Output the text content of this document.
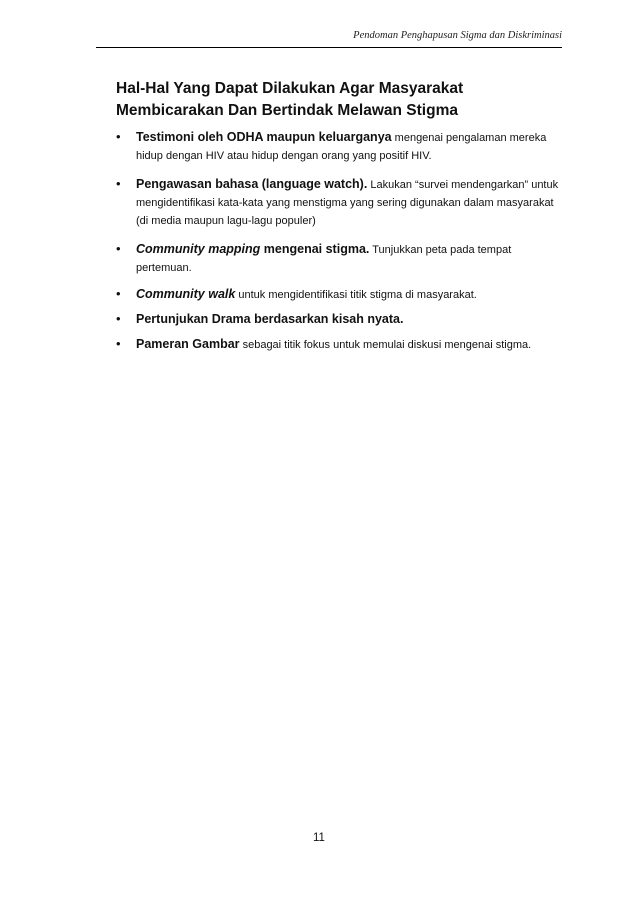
Pendoman Penghapusan Sigma dan Diskriminasi
Hal-Hal Yang Dapat Dilakukan Agar Masyarakat
Membicarakan Dan Bertindak Melawan Stigma
• Testimoni oleh ODHA maupun keluarganya mengenai pengalaman mereka hidup dengan HIV atau hidup dengan orang yang positif HIV.
• Pengawasan bahasa (language watch). Lakukan “survei mendengarkan” untuk mengidentifikasi kata-kata yang menstigma yang sering digunakan dalam masyarakat (di media maupun lagu-lagu populer)
• Community mapping mengenai stigma. Tunjukkan peta pada tempat pertemuan.
• Community walk untuk mengidentifikasi titik stigma di masyarakat.
• Pertunjukan Drama berdasarkan kisah nyata.
• Pameran Gambar sebagai titik fokus untuk memulai diskusi mengenai stigma.
11
